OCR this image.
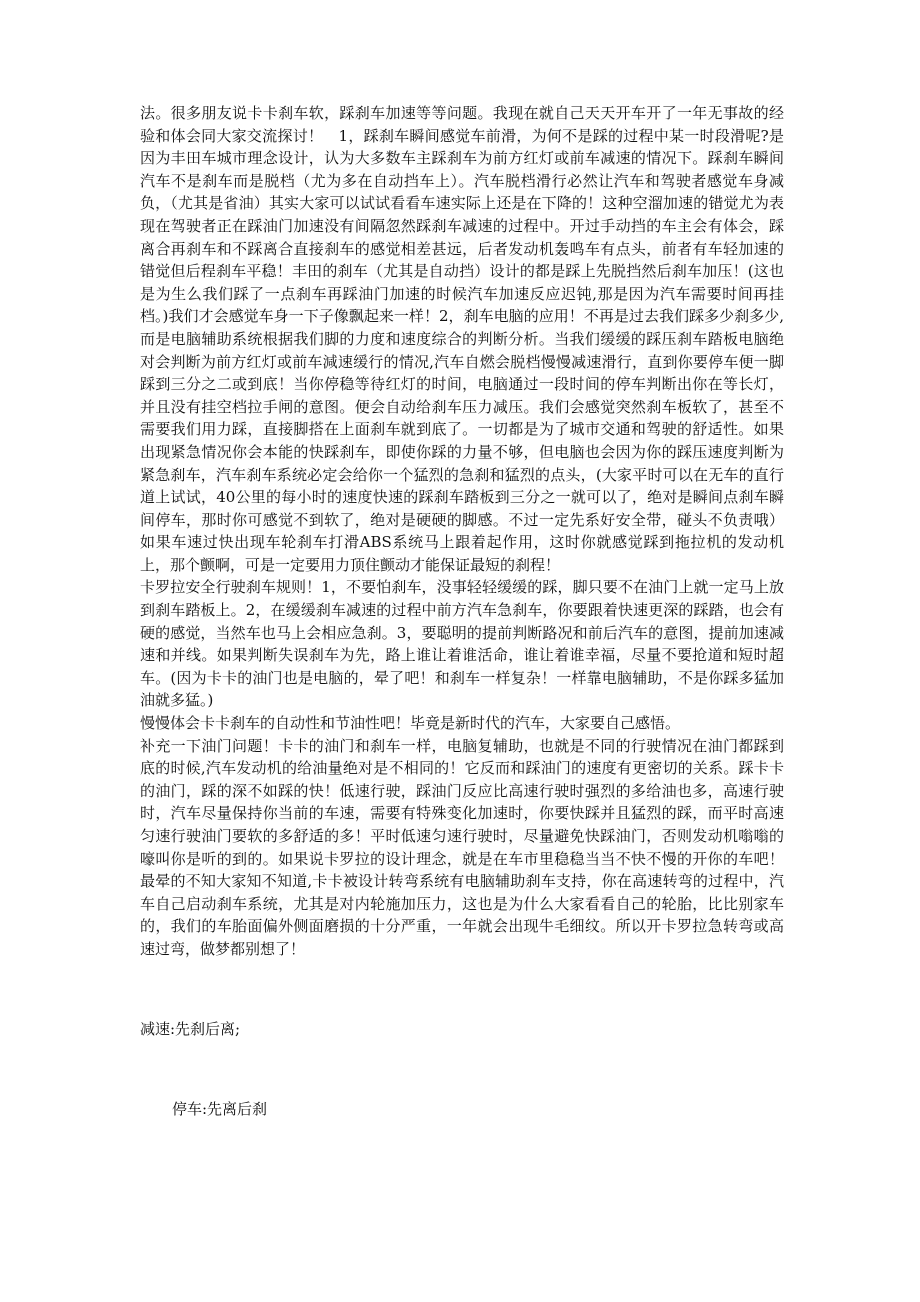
法。很多朋友说卡卡刹车软，踩刹车加速等等问题。我现在就自己天天开车开了一年无事故的经验和体会同大家交流探讨！　1，踩刹车瞬间感觉车前滑，为何不是踩的过程中某一时段滑呢?是因为丰田车城市理念设计，认为大多数车主踩刹车为前方红灯或前车减速的情况下。踩刹车瞬间汽车不是刹车而是脱档（尤为多在自动挡车上）。汽车脱档滑行必然让汽车和驾驶者感觉车身减负，（尤其是省油）其实大家可以试试看看车速实际上还是在下降的！这种空溜加速的错觉尤为表现在驾驶者正在踩油门加速没有间隔忽然踩刹车减速的过程中。开过手动挡的车主会有体会，踩离合再刹车和不踩离合直接刹车的感觉相差甚远，后者发动机轰鸣车有点头，前者有车轻加速的错觉但后程刹车平稳！丰田的刹车（尤其是自动挡）设计的都是踩上先脱挡然后刹车加压！(这也是为生么我们踩了一点刹车再踩油门加速的时候汽车加速反应迟钝,那是因为汽车需要时间再挂档。)我们才会感觉车身一下子像飘起来一样！2，刹车电脑的应用！不再是过去我们踩多少刹多少,而是电脑辅助系统根据我们脚的力度和速度综合的判断分析。当我们缓缓的踩压刹车踏板电脑绝对会判断为前方红灯或前车減速缓行的情况,汽车自燃会脱档慢慢减速滑行，直到你要停车便一脚踩到三分之二或到底！当你停稳等待红灯的时间，电脑通过一段时间的停车判断出你在等长灯，并且没有挂空档拉手闸的意图。便会自动给刹车压力减压。我们会感觉突然刹车板软了，甚至不需要我们用力踩，直接脚搭在上面刹车就到底了。一切都是为了城市交通和驾驶的舒适性。如果出现紧急情况你会本能的快踩刹车，即使你踩的力量不够，但电脑也会因为你的踩压速度判断为紧急刹车，汽车刹车系统必定会给你一个猛烈的急刹和猛烈的点头，(大家平时可以在无车的直行道上试试，40公里的每小时的速度快速的踩刹车踏板到三分之一就可以了，绝对是瞬间点刹车瞬间停车，那时你可感觉不到软了，绝对是硬硬的脚感。不过一定先系好安全带，碰头不负责哦）如果车速过快出现车轮刹车打滑ABS系统马上跟着起作用，这时你就感觉踩到拖拉机的发动机上，那个颤啊，可是一定要用力顶住颤动才能保证最短的刹程！

卡罗拉安全行驶刹车规则！1，不要怕刹车，没事轻轻缓缓的踩，脚只要不在油门上就一定马上放到刹车踏板上。2，在缓缓刹车减速的过程中前方汽车急刹车，你要跟着快速更深的踩踏，也会有硬的感觉，当然车也马上会相应急刹。3，要聪明的提前判断路况和前后汽车的意图，提前加速减速和并线。如果判断失误刹车为先，路上谁让着谁活命，谁让着谁幸福，尽量不要抢道和短时超车。(因为卡卡的油门也是电脑的，晕了吧！和刹车一样复杂！一样靠电脑辅助，不是你踩多猛加油就多猛。)

慢慢体会卡卡刹车的自动性和节油性吧！毕竟是新时代的汽车，大家要自己感悟。

补充一下油门问题！卡卡的油门和刹车一样，电脑复辅助，也就是不同的行驶情况在油门都踩到底的时候,汽车发动机的给油量绝对是不相同的！它反而和踩油门的速度有更密切的关系。踩卡卡的油门，踩的深不如踩的快！低速行驶，踩油门反应比高速行驶时强烈的多给油也多，高速行驶时，汽车尽量保持你当前的车速，需要有特殊变化加速时，你要快踩并且猛烈的踩，而平时高速匀速行驶油门要软的多舒适的多！平时低速匀速行驶时，尽量避免快踩油门，否则发动机嗡嗡的嚎叫你是听的到的。如果说卡罗拉的设计理念，就是在车市里稳稳当当不快不慢的开你的车吧！最晕的不知大家知不知道,卡卡被设计转弯系统有电脑辅助刹车支持，你在高速转弯的过程中，汽车自己启动刹车系统，尤其是对内轮施加压力，这也是为什么大家看看自己的轮胎，比比别家车的，我们的车胎面偏外侧面磨损的十分严重，一年就会出现牛毛细纹。所以开卡罗拉急转弯或高速过弯，做梦都别想了！

减速:先刹后离;
停车:先离后刹
